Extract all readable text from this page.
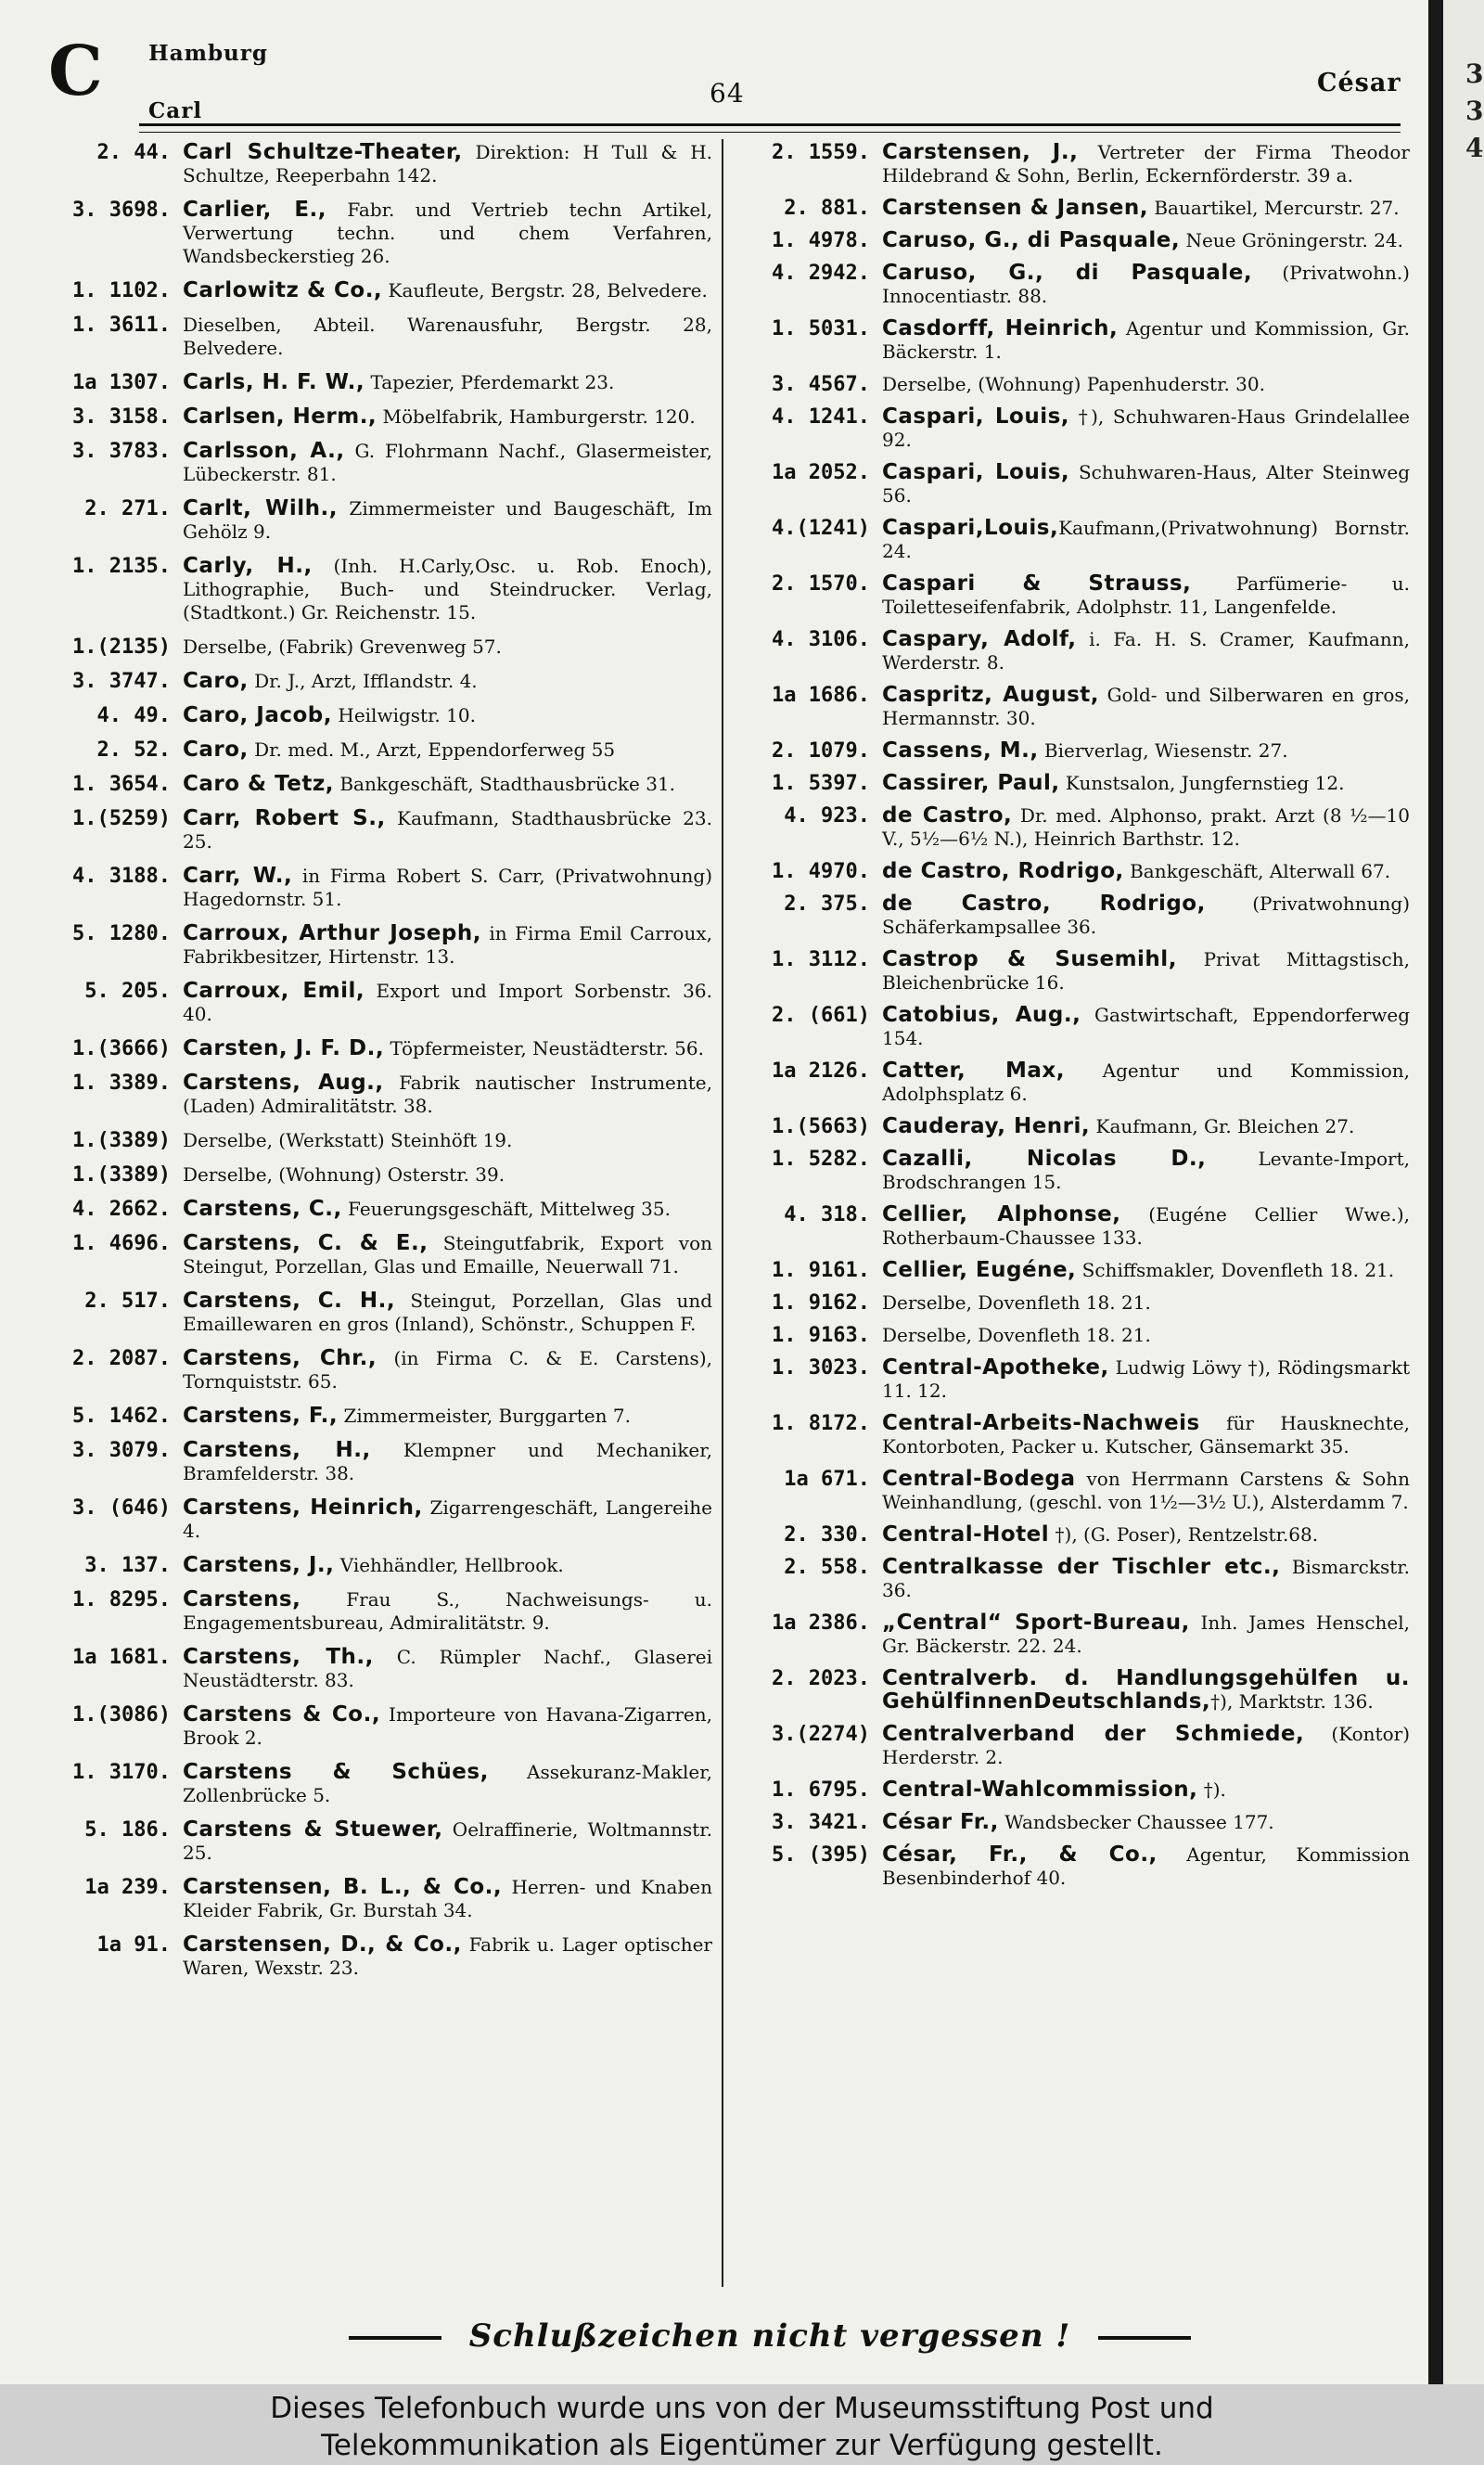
C Hamburg
Carl
64	César
2. 44. Carl Schultze-Theater, Direktion: H Tull & H. Schultze, Reeperbahn 142.
3. 3698. Carlier, E., Fabr. und Vertrieb techn Artikel, Verwertung techn. und chem Verfahren, Wandsbeckerstieg 26.
1. 1102. Carlowitz & Co., Kaufleute, Bergstr. 28, Belvedere.
1. 3611. Dieselben, Abteil. Warenausfuhr, Bergstr. 28, Belvedere.
1a 1307. Carls, H. F. W., Tapezier, Pferdemarkt 23.
3. 3158. Carlsen, Herm., Möbelfabrik, Hamburgerstr. 120.
3. 3783. Carlsson, A., G. Flohrmann Nachf., Glasermeister, Lübeckerstr. 81.
2. 271. Carlt, Wilh., Zimmermeister und Baugeschäft, Im Gehölz 9.
1. 2135. Carly, H., (Inh. H.Carly,Osc. u. Rob. Enoch), Lithographie, Buch- und Steindrucker. Verlag, (Stadtkont.) Gr. Reichenstr. 15.
1.(2135) Derselbe, (Fabrik) Grevenweg 57.
3. 3747. Caro, Dr. J., Arzt, Ifflandstr. 4.
4. 49. Caro, Jacob, Heilwigstr. 10.
2. 52. Caro, Dr. med. M., Arzt, Eppendorferweg 55
1. 3654. Caro & Tetz, Bankgeschäft, Stadthausbrücke 31.
1.(5259) Carr, Robert S., Kaufmann, Stadthausbrücke 23. 25.
4. 3188. Carr, W., in Firma Robert S. Carr, (Privatwohnung) Hagedornstr. 51.
5. 1280. Carroux, Arthur Joseph, in Firma Emil Carroux, Fabrikbesitzer, Hirtenstr. 13.
5. 205. Carroux, Emil, Export und Import Sorbenstr. 36. 40.
1.(3666) Carsten, J. F. D., Töpfermeister, Neustädterstr. 56.
1. 3389. Carstens, Aug., Fabrik nautischer Instrumente, (Laden) Admiralitätstr. 38.
1.(3389) Derselbe, (Werkstatt) Steinhöft 19.
1.(3389) Derselbe, (Wohnung) Osterstr. 39.
4. 2662. Carstens, C., Feuerungsgeschäft, Mittelweg 35.
1. 4696. Carstens, C. & E., Steingutfabrik, Export von Steingut, Porzellan, Glas und Emaille, Neuerwall 71.
2. 517. Carstens, C. H., Steingut, Porzellan, Glas und Emaillewaren en gros (Inland), Schönstr., Schuppen F.
2. 2087. Carstens, Chr., (in Firma C. & E. Carstens), Tornquiststr. 65.
5. 1462. Carstens, F., Zimmermeister, Burggarten 7.
3. 3079. Carstens, H., Klempner und Mechaniker, Bramfelderstr. 38.
3. (646) Carstens, Heinrich, Zigarrengeschäft, Langereihe 4.
3. 137. Carstens, J., Viehhändler, Hellbrook.
1. 8295. Carstens, Frau S., Nachweisungs- u. Engagementsbureau, Admiralitätstr. 9.
1a 1681. Carstens, Th., C. Rümpler Nachf., Glaserei Neustädterstr. 83.
1.(3086) Carstens & Co., Importeure von Havana-Zigarren, Brook 2.
1. 3170. Carstens & Schües, Assekuranz-Makler, Zollenbrücke 5.
5. 186. Carstens & Stuewer, Oelraffinerie, Woltmannstr. 25.
1a 239. Carstensen, B. L., & Co., Herren- und Knaben Kleider Fabrik, Gr. Burstah 34.
1a 91. Carstensen, D., & Co., Fabrik u. Lager optischer Waren, Wexstr. 23.
2. 1559. Carstensen, J., Vertreter der Firma Theodor Hildebrand & Sohn, Berlin, Eckernförderstr. 39 a.
2. 881. Carstensen & Jansen, Bauartikel, Mercurstr. 27.
1. 4978. Caruso, G., di Pasquale, Neue Gröningerstr. 24.
4. 2942. Caruso, G., di Pasquale, (Privatwohn.) Innocentiastr. 88.
1. 5031. Casdorff, Heinrich, Agentur und Kommission, Gr. Bäckerstr. 1.
3. 4567. Derselbe, (Wohnung) Papenhuderstr. 30.
4. 1241. Caspari, Louis, †), Schuhwaren-Haus Grindelallee 92.
1a 2052. Caspari, Louis, Schuhwaren-Haus, Alter Steinweg 56.
4.(1241) Caspari,Louis,Kaufmann,(Privatwohnung) Bornstr. 24.
2. 1570. Caspari & Strauss, Parfümerie- u. Toiletteseifenfabrik, Adolphstr. 11, Langenfelde.
4. 3106. Caspary, Adolf, i. Fa. H. S. Cramer, Kaufmann, Werderstr. 8.
1a 1686. Caspritz, August, Gold- und Silberwaren en gros, Hermannstr. 30.
2. 1079. Cassens, M., Bierverlag, Wiesenstr. 27.
1. 5397. Cassirer, Paul, Kunstsalon, Jungfernstieg 12.
4. 923. de Castro, Dr. med. Alphonso, prakt. Arzt (8 ½—10 V., 5½—6½ N.), Heinrich Barthstr. 12.
1. 4970. de Castro, Rodrigo, Bankgeschäft, Alterwall 67.
2. 375. de Castro, Rodrigo, (Privatwohnung) Schäferkampsallee 36.
1. 3112. Castrop & Susemihl, Privat Mittagstisch, Bleichenbrücke 16.
2. (661) Catobius, Aug., Gastwirtschaft, Eppendorferweg 154.
1a 2126. Catter, Max, Agentur und Kommission, Adolphsplatz 6.
1.(5663) Cauderay, Henri, Kaufmann, Gr. Bleichen 27.
1. 5282. Cazalli, Nicolas D., Levante-Import, Brodschrangen 15.
4. 318. Cellier, Alphonse, (Eugéne Cellier Wwe.), Rotherbaum-Chaussee 133.
1. 9161. Cellier, Eugéne, Schiffsmakler, Dovenfleth 18. 21.
1. 9162. Derselbe, Dovenfleth 18. 21.
1. 9163. Derselbe, Dovenfleth 18. 21.
1. 3023. Central-Apotheke, Ludwig Löwy †), Rödingsmarkt 11. 12.
1. 8172. Central-Arbeits-Nachweis für Hausknechte, Kontorboten, Packer u. Kutscher, Gänsemarkt 35.
1a 671. Central-Bodega von Herrmann Carstens & Sohn Weinhandlung, (geschl. von 1½—3½ U.), Alsterdamm 7.
2. 330. Central-Hotel †), (G. Poser), Rentzelstr.68.
2. 558. Centralkasse der Tischler etc., Bismarckstr. 36.
1a 2386. „Central“ Sport-Bureau, Inh. James Henschel, Gr. Bäckerstr. 22. 24.
2. 2023. Centralverb. d. Handlungsgehülfen u. GehülfinnenDeutschlands,†), Marktstr. 136.
3.(2274) Centralverband der Schmiede, (Kontor) Herderstr. 2.
1. 6795. Central-Wahlcommission, †).
3. 3421. César Fr., Wandsbecker Chaussee 177.
5. (395) César, Fr., & Co., Agentur, Kommission Besenbinderhof 40.
Schlußzeichen nicht vergessen !
3
3
4
Dieses Telefonbuch wurde uns von der Museumsstiftung Post und
Telekommunikation als Eigentümer zur Verfügung gestellt.
